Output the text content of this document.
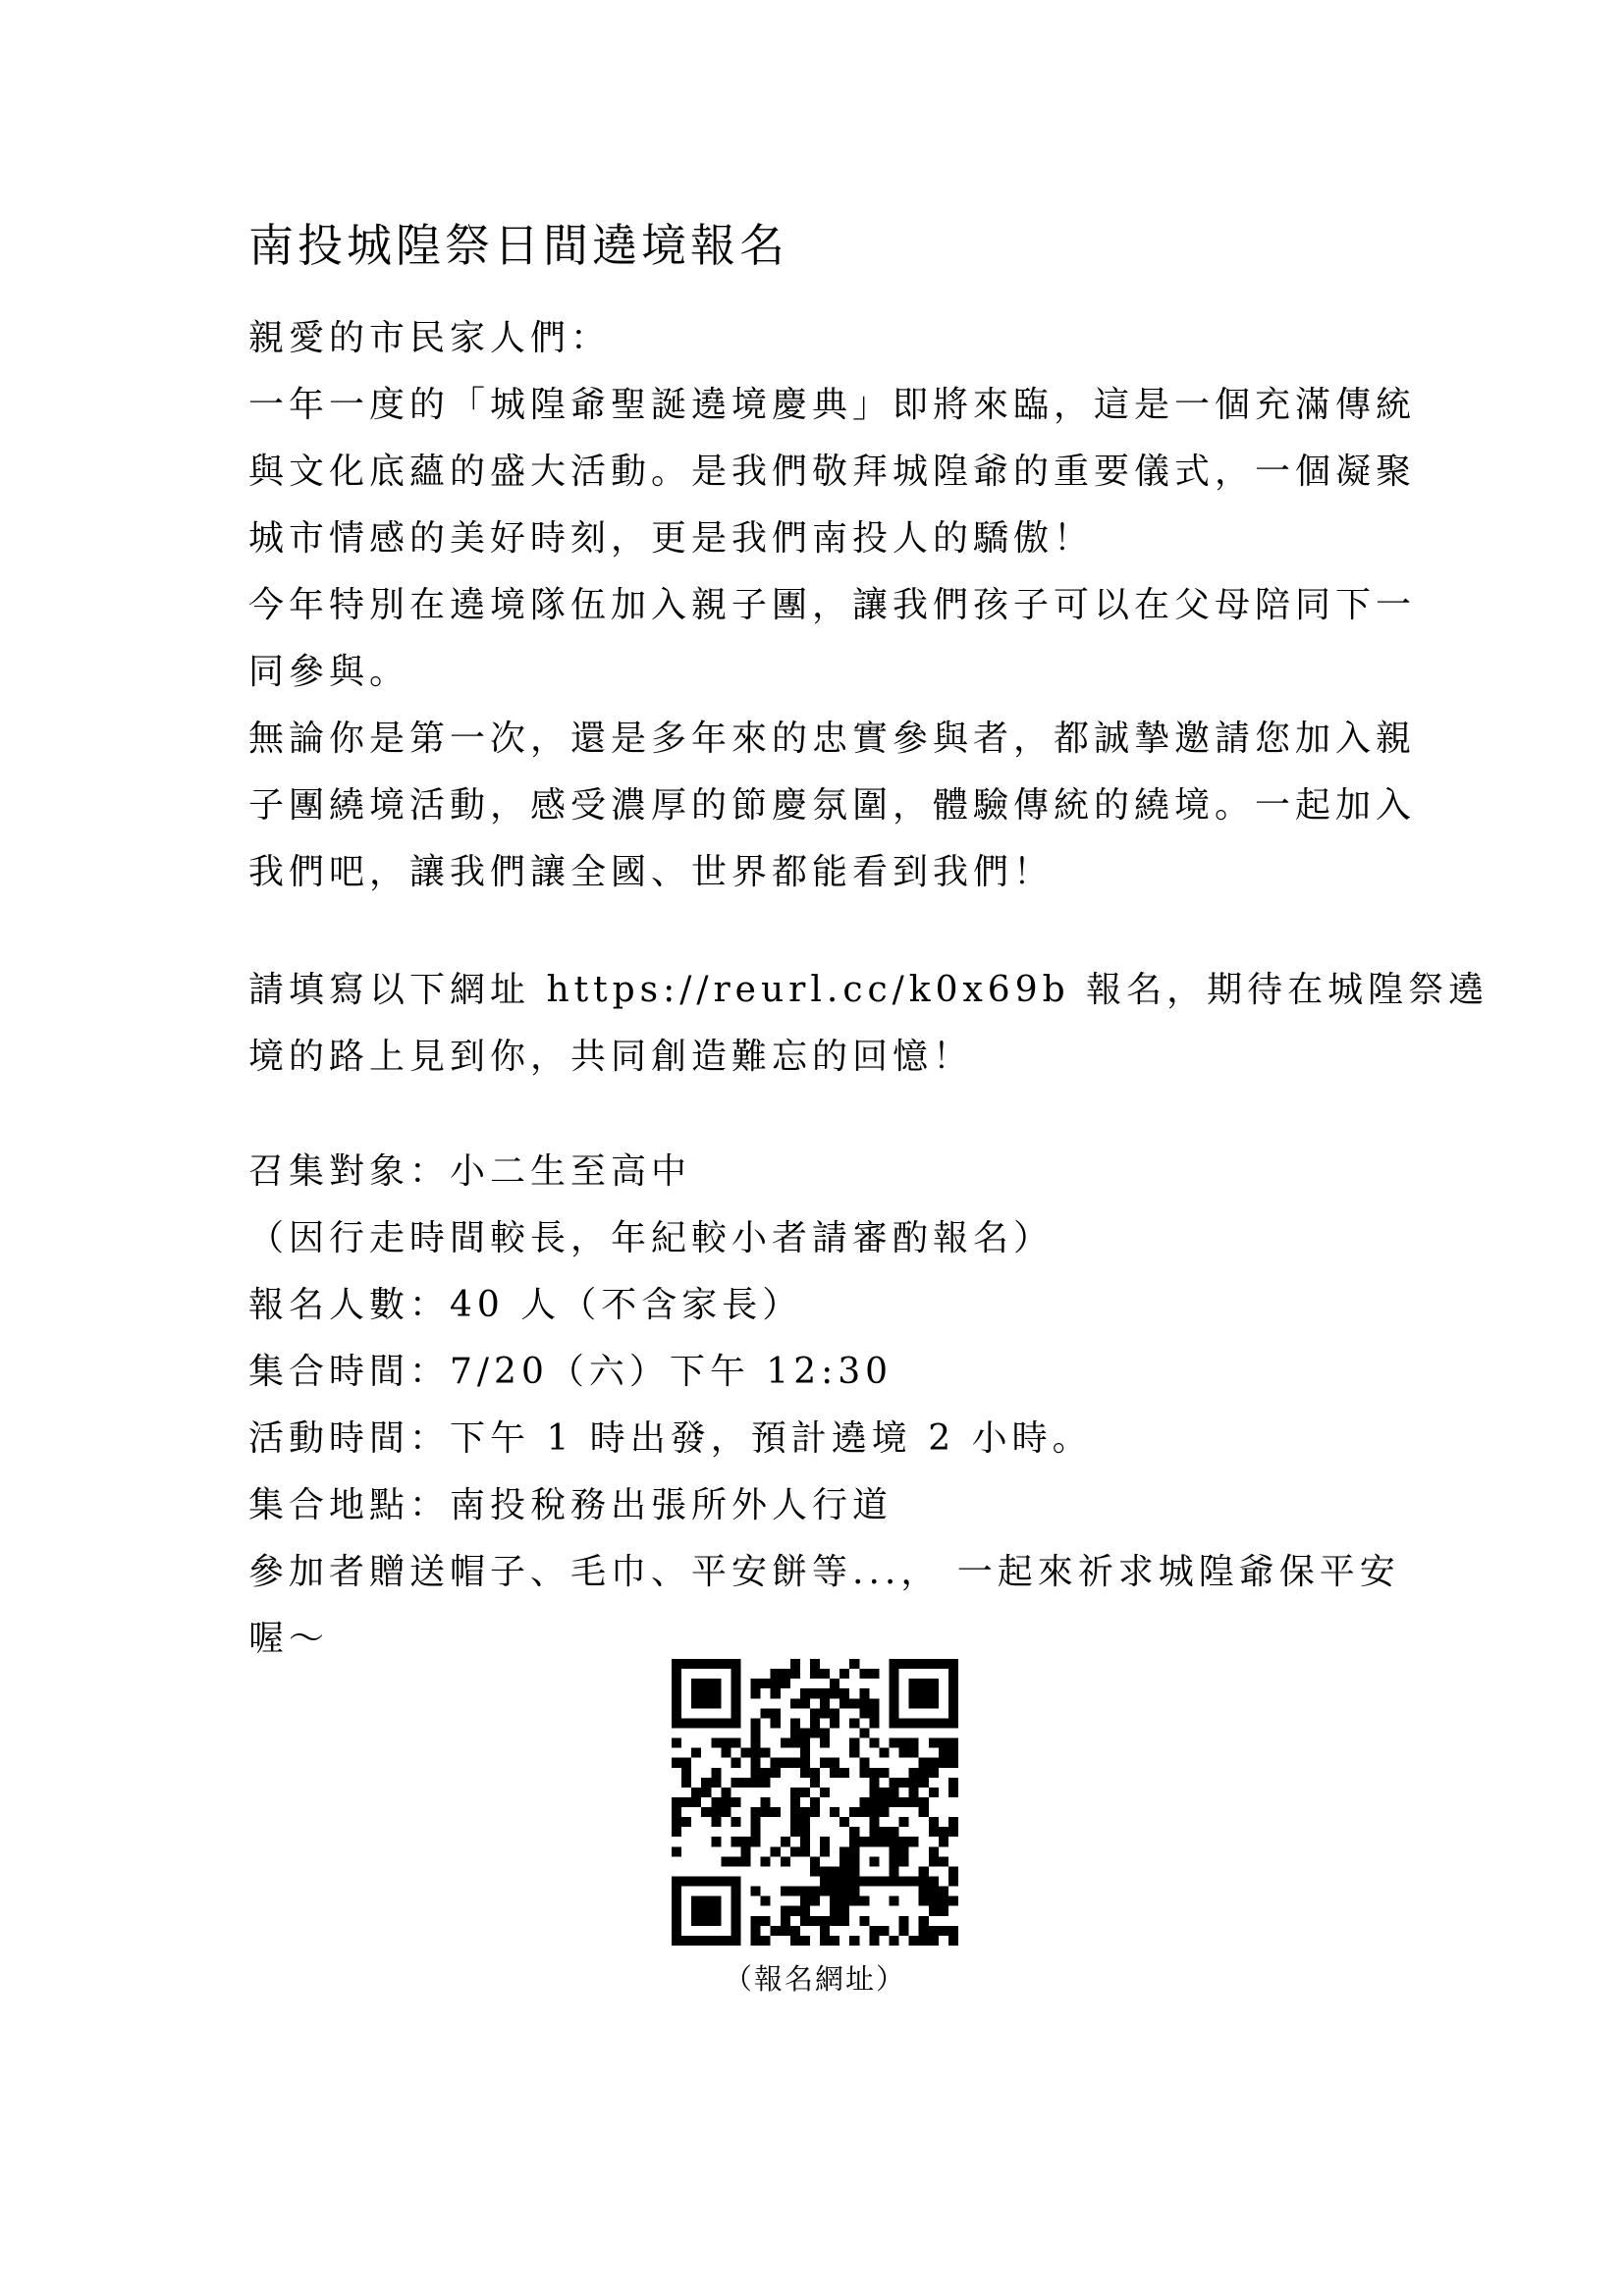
南投城隍祭日間遶境報名
親愛的市民家人們：
一年一度的「城隍爺聖誕遶境慶典」即將來臨，這是一個充滿傳統
與文化底蘊的盛大活動。是我們敬拜城隍爺的重要儀式，一個凝聚
城市情感的美好時刻，更是我們南投人的驕傲！
今年特別在遶境隊伍加入親子團，讓我們孩子可以在父母陪同下一
同參與。
無論你是第一次，還是多年來的忠實參與者，都誠摯邀請您加入親
子團繞境活動，感受濃厚的節慶氛圍，體驗傳統的繞境。一起加入
我們吧，讓我們讓全國、世界都能看到我們！
請填寫以下網址 https://reurl.cc/k0x69b 報名，期待在城隍祭遶
境的路上見到你，共同創造難忘的回憶！
召集對象：小二生至高中
（因行走時間較長，年紀較小者請審酌報名）
報名人數：40 人（不含家長）
集合時間：7/20（六）下午 12:30
活動時間：下午 1 時出發，預計遶境 2 小時。
集合地點：南投稅務出張所外人行道
參加者贈送帽子、毛巾、平安餅等...， 一起來祈求城隍爺保平安
喔～
（報名網址）
